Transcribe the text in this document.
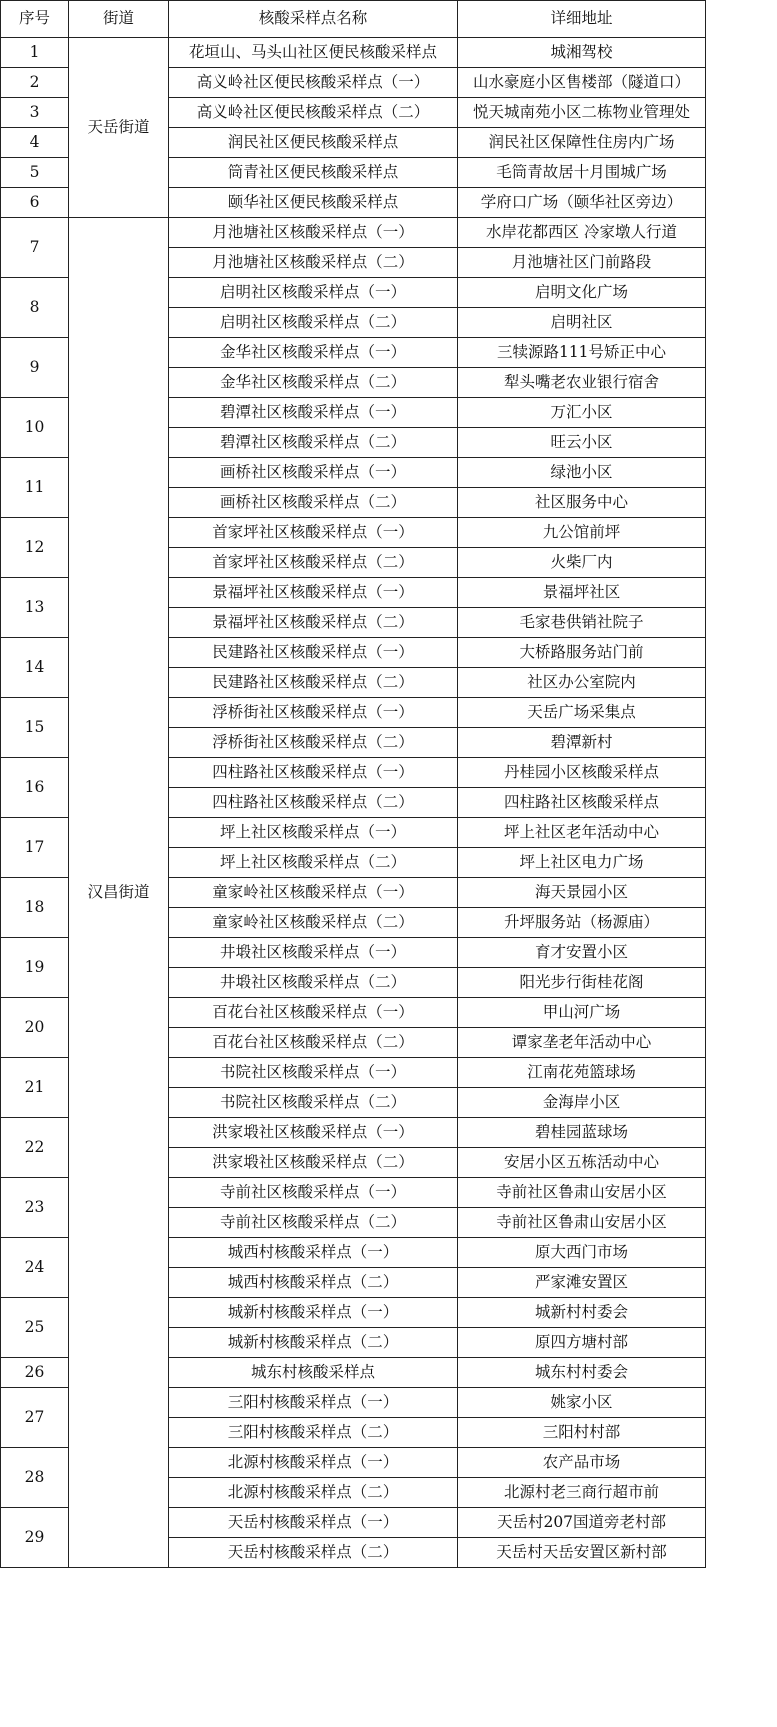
序号	街道	核酸采样点名称	详细地址
1	天岳街道	花垣山、马头山社区便民核酸采样点	城湘驾校
2		高义岭社区便民核酸采样点（一）	山水豪庭小区售楼部（隧道口）
3		高义岭社区便民核酸采样点（二）	悦天城南苑小区二栋物业管理处
4		润民社区便民核酸采样点	润民社区保障性住房内广场
5		筒青社区便民核酸采样点	毛筒青故居十月围城广场
6		颐华社区便民核酸采样点	学府口广场（颐华社区旁边）
7	汉昌街道	月池塘社区核酸采样点（一）	水岸花都西区 冷家墩人行道
		月池塘社区核酸采样点（二）	月池塘社区门前路段
8		启明社区核酸采样点（一）	启明文化广场
		启明社区核酸采样点（二）	启明社区
9		金华社区核酸采样点（一）	三犊源路111号矫正中心
		金华社区核酸采样点（二）	犁头嘴老农业银行宿舍
10		碧潭社区核酸采样点（一）	万汇小区
		碧潭社区核酸采样点（二）	旺云小区
11		画桥社区核酸采样点（一）	绿池小区
		画桥社区核酸采样点（二）	社区服务中心
12		首家坪社区核酸采样点（一）	九公馆前坪
		首家坪社区核酸采样点（二）	火柴厂内
13		景福坪社区核酸采样点（一）	景福坪社区
		景福坪社区核酸采样点（二）	毛家巷供销社院子
14		民建路社区核酸采样点（一）	大桥路服务站门前
		民建路社区核酸采样点（二）	社区办公室院内
15		浮桥街社区核酸采样点（一）	天岳广场采集点
		浮桥街社区核酸采样点（二）	碧潭新村
16		四柱路社区核酸采样点（一）	丹桂园小区核酸采样点
		四柱路社区核酸采样点（二）	四柱路社区核酸采样点
17		坪上社区核酸采样点（一）	坪上社区老年活动中心
		坪上社区核酸采样点（二）	坪上社区电力广场
18		童家岭社区核酸采样点（一）	海天景园小区
		童家岭社区核酸采样点（二）	升坪服务站（杨源庙）
19		井塅社区核酸采样点（一）	育才安置小区
		井塅社区核酸采样点（二）	阳光步行街桂花阁
20		百花台社区核酸采样点（一）	甲山河广场
		百花台社区核酸采样点（二）	谭家垄老年活动中心
21		书院社区核酸采样点（一）	江南花苑篮球场
		书院社区核酸采样点（二）	金海岸小区
22		洪家塅社区核酸采样点（一）	碧桂园蓝球场
		洪家塅社区核酸采样点（二）	安居小区五栋活动中心
23		寺前社区核酸采样点（一）	寺前社区鲁肃山安居小区
		寺前社区核酸采样点（二）	寺前社区鲁肃山安居小区
24		城西村核酸采样点（一）	原大西门市场
		城西村核酸采样点（二）	严家滩安置区
25		城新村核酸采样点（一）	城新村村委会
		城新村核酸采样点（二）	原四方塘村部
26		城东村核酸采样点	城东村村委会
27		三阳村核酸采样点（一）	姚家小区
		三阳村核酸采样点（二）	三阳村村部
28		北源村核酸采样点（一）	农产品市场
		北源村核酸采样点（二）	北源村老三商行超市前
29		天岳村核酸采样点（一）	天岳村207国道旁老村部
		天岳村核酸采样点（二）	天岳村天岳安置区新村部
